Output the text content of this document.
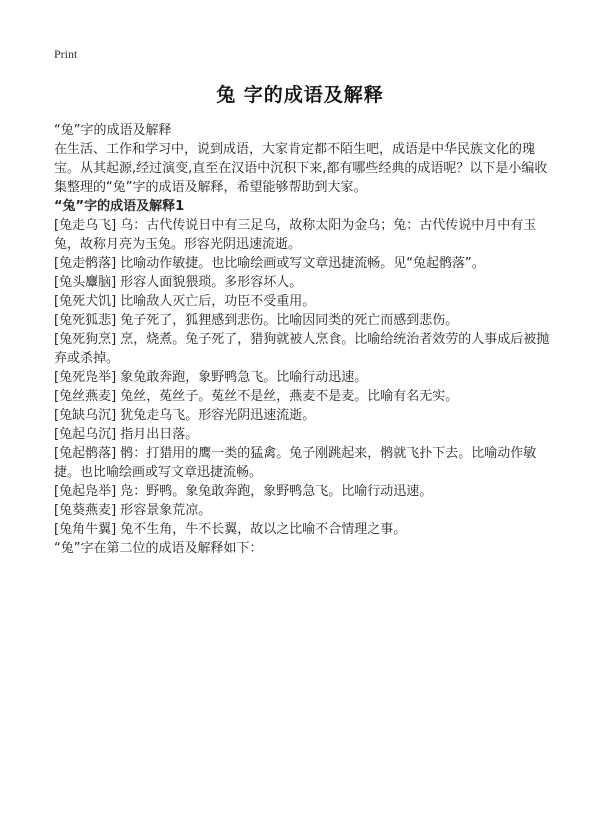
Print
兔 字的成语及解释

“兔”字的成语及解释

在生活、工作和学习中，说到成语，大家肯定都不陌生吧，成语是中华民族文化的瑰宝。从其起源,经过演变,直至在汉语中沉积下来,都有哪些经典的成语呢？以下是小编收集整理的“兔”字的成语及解释，希望能够帮助到大家。

“兔”字的成语及解释1

[兔走乌飞] 乌：古代传说日中有三足乌，故称太阳为金乌；兔：古代传说中月中有玉兔，故称月亮为玉兔。形容光阴迅速流逝。

[兔走鹘落] 比喻动作敏捷。也比喻绘画或写文章迅捷流畅。见“兔起鹘落”。

[兔头麞脑] 形容人面貌猥琐。多形容坏人。

[兔死犬饥] 比喻敌人灭亡后，功臣不受重用。

[兔死狐悲] 兔子死了，狐狸感到悲伤。比喻因同类的死亡而感到悲伤。

[兔死狗烹] 烹，烧煮。兔子死了，猎狗就被人烹食。比喻给统治者效劳的人事成后被抛弃或杀掉。

[兔死凫举] 象兔敢奔跑，象野鸭急飞。比喻行动迅速。

[兔丝燕麦] 兔丝，菟丝子。菟丝不是丝，燕麦不是麦。比喻有名无实。

[兔缺乌沉] 犹兔走乌飞。形容光阴迅速流逝。

[兔起乌沉] 指月出日落。

[兔起鹘落] 鹘：打猎用的鹰一类的猛禽。兔子刚跳起来，鹘就飞扑下去。比喻动作敏捷。也比喻绘画或写文章迅捷流畅。

[兔起凫举] 凫：野鸭。象兔敢奔跑，象野鸭急飞。比喻行动迅速。

[兔葵燕麦] 形容景象荒凉。

[兔角牛翼] 兔不生角，牛不长翼，故以之比喻不合情理之事。

“兔”字在第二位的成语及解释如下：
